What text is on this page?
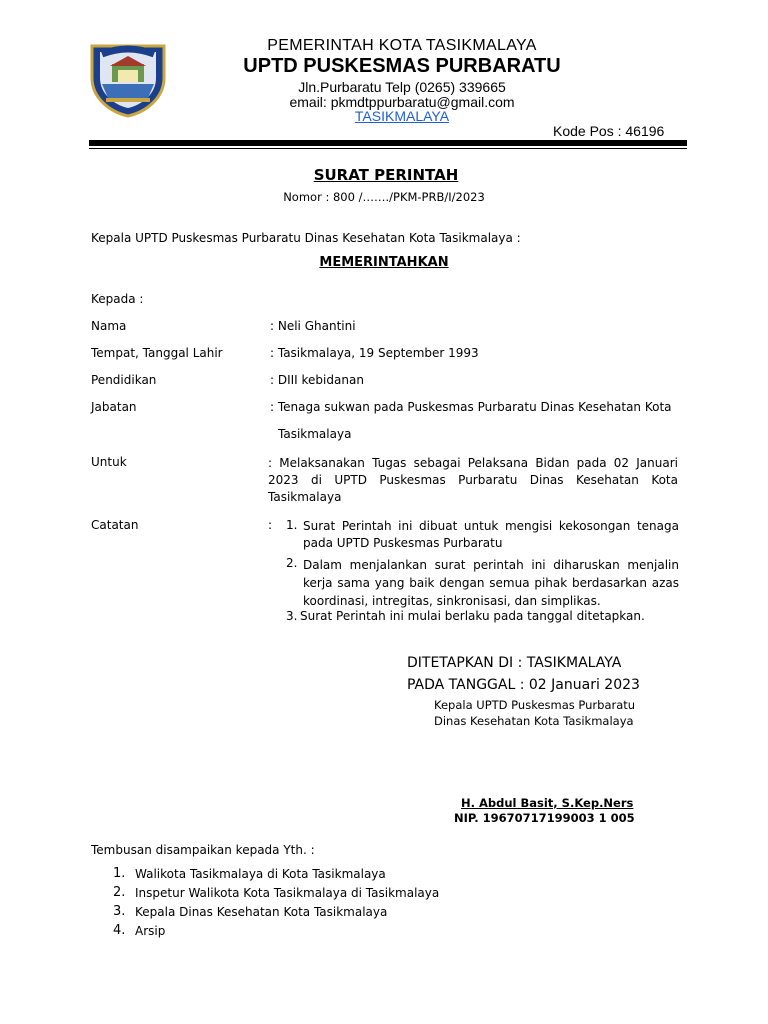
PEMERINTAH KOTA TASIKMALAYA
UPTD PUSKESMAS PURBARATU
Jln.Purbaratu Telp (0265) 339665
email: pkmdtppurbaratu@gmail.com
TASIKMALAYA
Kode Pos : 46196
SURAT PERINTAH
Nomor : 800 /……./PKM-PRB/I/2023
Kepala UPTD Puskesmas Purbaratu Dinas Kesehatan Kota Tasikmalaya :
MEMERINTAHKAN
Kepada :
Nama	: Neli Ghantini
Tempat, Tanggal Lahir	: Tasikmalaya, 19 September 1993
Pendidikan	: DIII kebidanan
Jabatan	: Tenaga sukwan pada Puskesmas Purbaratu Dinas Kesehatan Kota
Tasikmalaya
Untuk	: Melaksanakan Tugas sebagai Pelaksana Bidan pada 02 Januari 2023 di UPTD Puskesmas Purbaratu Dinas Kesehatan Kota Tasikmalaya
Catatan	: 1. Surat Perintah ini dibuat untuk mengisi kekosongan tenaga pada UPTD Puskesmas Purbaratu
2. Dalam menjalankan surat perintah ini diharuskan menjalin kerja sama yang baik dengan semua pihak berdasarkan azas koordinasi, intregitas, sinkronisasi, dan simplikas.
3. Surat Perintah ini mulai berlaku pada tanggal ditetapkan.
DITETAPKAN DI : TASIKMALAYA
PADA TANGGAL : 02 Januari 2023
Kepala UPTD Puskesmas Purbaratu
Dinas Kesehatan Kota Tasikmalaya
H. Abdul Basit, S.Kep.Ners
NIP. 19670717199003 1 005
Tembusan disampaikan kepada Yth. :
1. Walikota Tasikmalaya di Kota Tasikmalaya
2. Inspetur Walikota Kota Tasikmalaya di Tasikmalaya
3. Kepala Dinas Kesehatan Kota Tasikmalaya
4. Arsip
